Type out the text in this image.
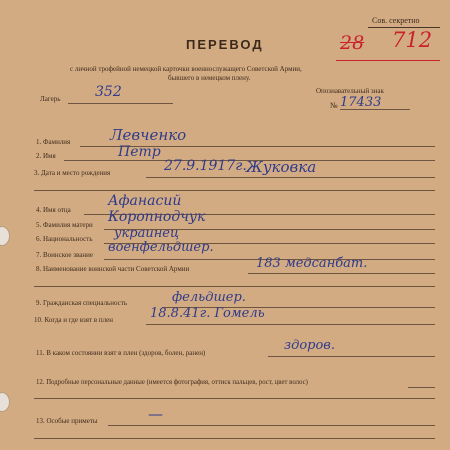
Сов. секретно
28 712
ПЕРЕВОД
с личной трофейной немецкой карточки военнослужащего Советской Армии,
бывшего в немецком плену.
Лагерь 352	Опознавательный знак
№ 17433
1. Фамилия	Левченко
2. Имя	Петр
3. Дата и место рождения	27.9.1917г. Жуковка
4. Имя отца
Афанасий
5. Фамилия матери Коропнодчук
6. Национальность украинец
7. Воинское звание военфельдшер.
8. Наименование воинской части Советской Армии	183 медсанбат.
9. Гражданская специальность	фельдшер.
10. Когда и где взят в плен	18.8.41г. Гомель
11. В каком состоянии взят в плен (здоров, болен, ранен)	здоров.
12. Подробные персональные данные (имеется фотография, оттиск пальцев, рост, цвет волос)
13. Особые приметы	—
